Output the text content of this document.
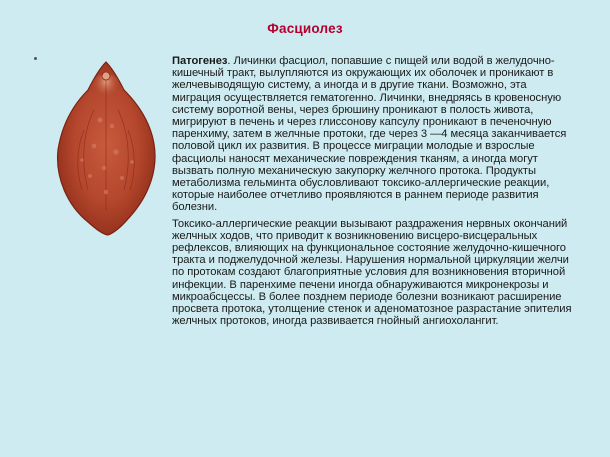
Фасциолез

Патогенез. Личинки фасциол, попавшие с пищей или водой в желудочно-кишечный тракт, вылупляются из окружающих их оболочек и проникают в желчевыводящую систему, а иногда и в другие ткани. Возможно, эта миграция осуществляется гематогенно. Личинки, внедряясь в кровеносную систему воротной вены, через брюшину проникают в полость живота, мигрируют в печень и через глиссонову капсулу проникают в печеночную паренхиму, затем в желчные протоки, где через 3 —4 месяца заканчивается половой цикл их развития. В процессе миграции молодые и взрослые фасциолы наносят механические повреждения тканям, а иногда могут вызвать полную механическую закупорку желчного протока. Продукты метаболизма гельминта обусловливают токсико-аллергические реакции, которые наиболее отчетливо проявляются в раннем периоде развития болезни.

Токсико-аллергические реакции вызывают раздражения нервных окончаний желчных ходов, что приводит к возникновению висцеро-висцеральных рефлексов, влияющих на функциональное состояние желудочно-кишечного тракта и поджелудочной железы. Нарушения нормальной циркуляции желчи по протокам создают благоприятные условия для возникновения вторичной инфекции. В паренхиме печени иногда обнаруживаются микронекрозы и микроабсцессы. В более позднем периоде болезни возникают расширение просвета протока, утолщение стенок и аденоматозное разрастание эпителия желчных протоков, иногда развивается гнойный ангиохолангит.
